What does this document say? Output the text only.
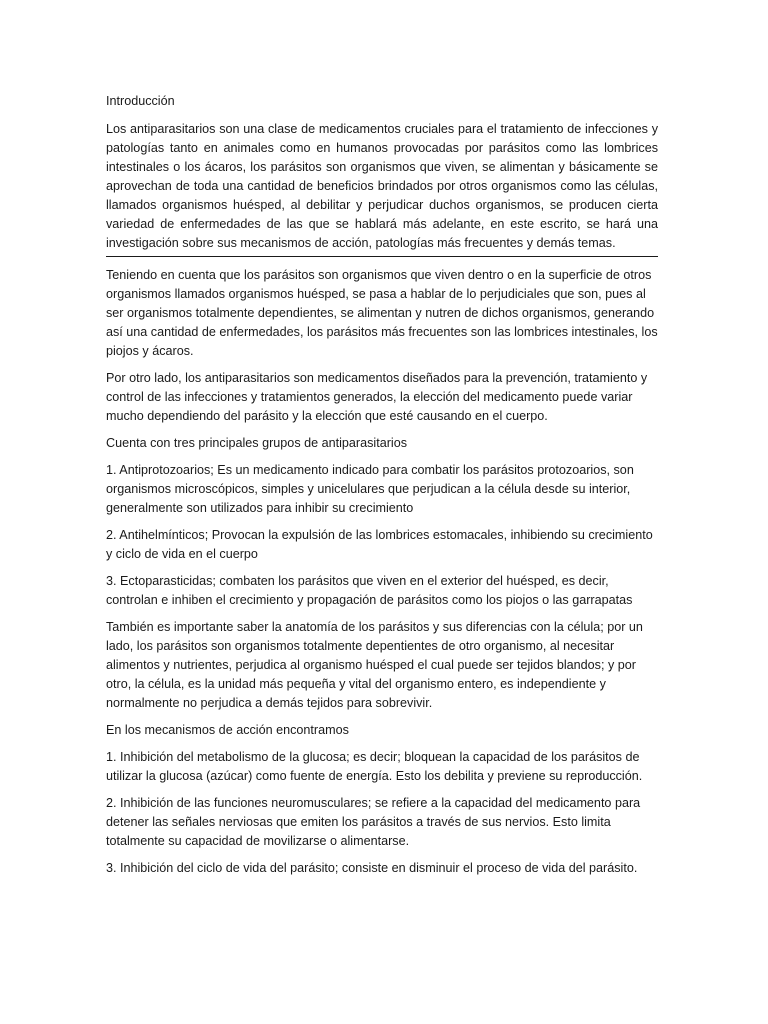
Introducción

Los antiparasitarios son una clase de medicamentos cruciales para el tratamiento de infecciones y patologías tanto en animales como en humanos provocadas por parásitos como las lombrices intestinales o los ácaros, los parásitos son organismos que viven, se alimentan y básicamente se aprovechan de toda una cantidad de beneficios brindados por otros organismos como las células, llamados organismos huésped, al debilitar y perjudicar duchos organismos, se producen cierta variedad de enfermedades de las que se hablará más adelante, en este escrito, se hará una investigación sobre sus mecanismos de acción, patologías más frecuentes y demás temas.

Teniendo en cuenta que los parásitos son organismos que viven dentro o en la superficie de otros organismos llamados organismos huésped, se pasa a hablar de lo perjudiciales que son, pues al ser organismos totalmente dependientes, se alimentan y nutren de dichos organismos, generando así una cantidad de enfermedades, los parásitos más frecuentes son las lombrices intestinales, los piojos y ácaros.

Por otro lado, los antiparasitarios son medicamentos diseñados para la prevención, tratamiento y control de las infecciones y tratamientos generados, la elección del medicamento puede variar mucho dependiendo del parásito y la elección que esté causando en el cuerpo.

Cuenta con tres principales grupos de antiparasitarios

1. Antiprotozoarios; Es un medicamento indicado para combatir los parásitos protozoarios, son organismos microscópicos, simples y unicelulares que perjudican a la célula desde su interior, generalmente son utilizados para inhibir su crecimiento

2. Antihelmínticos; Provocan la expulsión de las lombrices estomacales, inhibiendo su crecimiento y ciclo de vida en el cuerpo

3. Ectoparasticidas; combaten los parásitos que viven en el exterior del huésped, es decir, controlan e inhiben el crecimiento y propagación de parásitos como los piojos o las garrapatas

También es importante saber la anatomía de los parásitos y sus diferencias con la célula; por un lado, los parásitos son organismos totalmente depentientes de otro organismo, al necesitar alimentos y nutrientes, perjudica al organismo huésped el cual puede ser tejidos blandos; y por otro, la célula, es la unidad más pequeña y vital del organismo entero, es independiente y normalmente no perjudica a demás tejidos para sobrevivir.

En los mecanismos de acción encontramos

1. Inhibición del metabolismo de la glucosa; es decir; bloquean la capacidad de los parásitos de utilizar la glucosa (azúcar) como fuente de energía. Esto los debilita y previene su reproducción.

2. Inhibición de las funciones neuromusculares; se refiere a la capacidad del medicamento para detener las señales nerviosas que emiten los parásitos a través de sus nervios. Esto limita totalmente su capacidad de movilizarse o alimentarse.

3. Inhibición del ciclo de vida del parásito; consiste en disminuir el proceso de vida del parásito.
